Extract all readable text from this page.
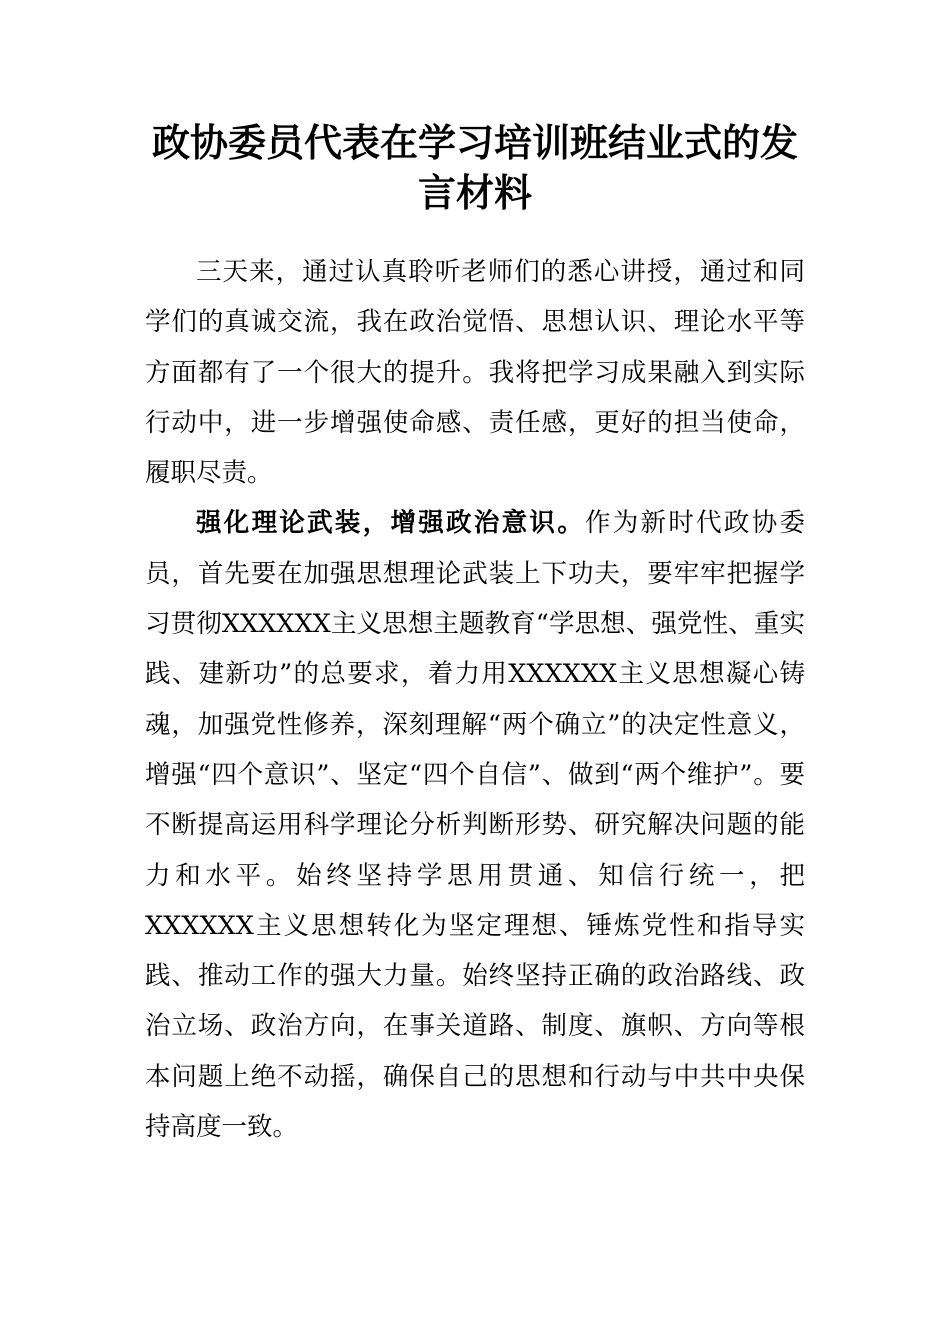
政协委员代表在学习培训班结业式的发言材料

三天来，通过认真聆听老师们的悉心讲授，通过和同学们的真诚交流，我在政治觉悟、思想认识、理论水平等方面都有了一个很大的提升。我将把学习成果融入到实际行动中，进一步增强使命感、责任感，更好的担当使命，履职尽责。

强化理论武装，增强政治意识。作为新时代政协委员，首先要在加强思想理论武装上下功夫，要牢牢把握学习贯彻XXXXXX主义思想主题教育“学思想、强党性、重实践、建新功”的总要求，着力用XXXXXX主义思想凝心铸魂，加强党性修养，深刻理解“两个确立”的决定性意义，增强“四个意识”、坚定“四个自信”、做到“两个维护”。要不断提高运用科学理论分析判断形势、研究解决问题的能力和水平。始终坚持学思用贯通、知信行统一，把XXXXXX主义思想转化为坚定理想、锤炼党性和指导实践、推动工作的强大力量。始终坚持正确的政治路线、政治立场、政治方向，在事关道路、制度、旗帜、方向等根本问题上绝不动摇，确保自己的思想和行动与中共中央保持高度一致。
